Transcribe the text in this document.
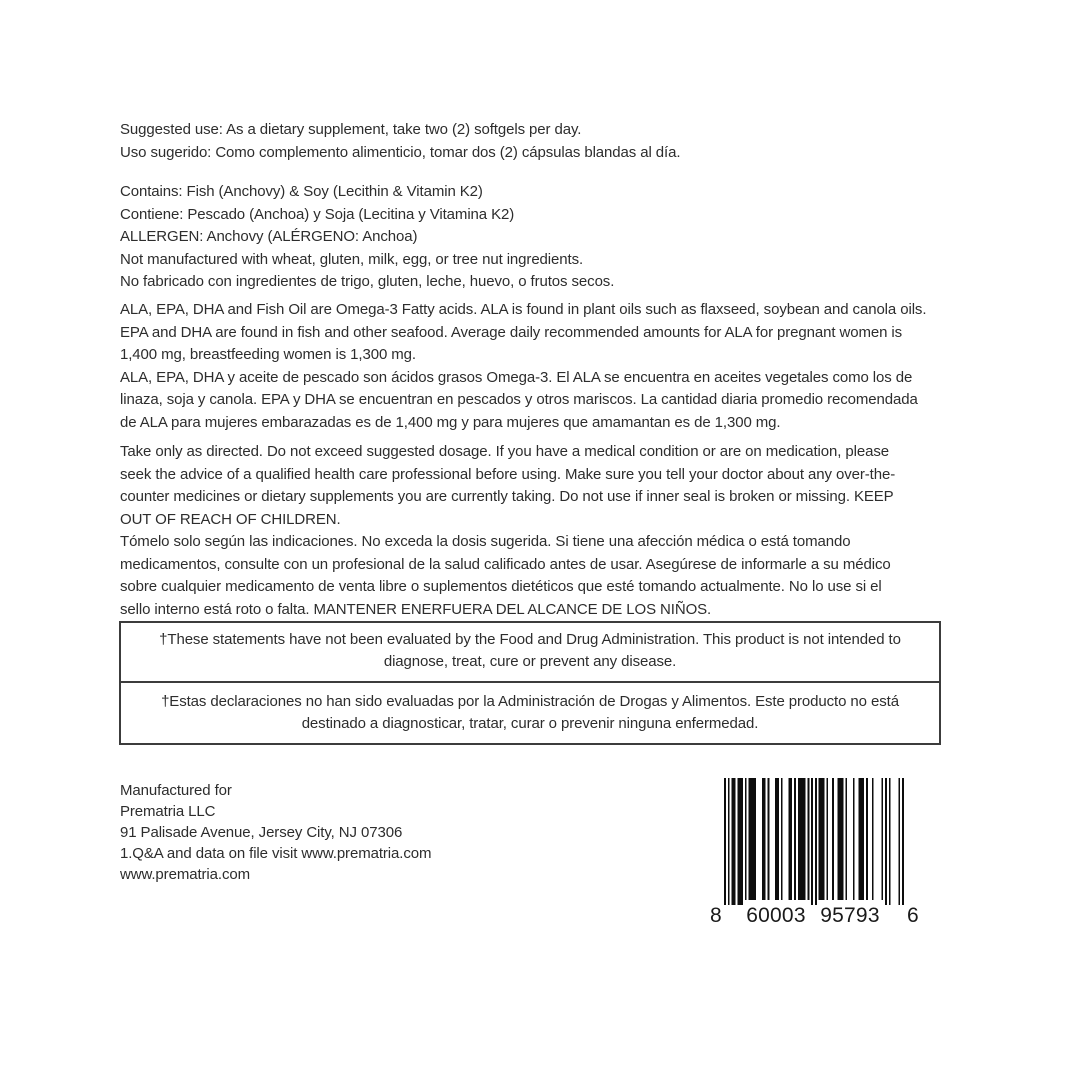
Suggested use: As a dietary supplement, take two (2) softgels per day.
Uso sugerido: Como complemento alimenticio, tomar dos (2) cápsulas blandas al día.
Contains: Fish (Anchovy) & Soy (Lecithin & Vitamin K2)
Contiene: Pescado (Anchoa) y Soja (Lecitina y Vitamina K2)
ALLERGEN: Anchovy (ALÉRGENO: Anchoa)
Not manufactured with wheat, gluten, milk, egg, or tree nut ingredients.
No fabricado con ingredientes de trigo, gluten, leche, huevo, o frutos secos.
ALA, EPA, DHA and Fish Oil are Omega-3 Fatty acids. ALA is found in plant oils such as flaxseed, soybean and canola oils.
EPA and DHA are found in fish and other seafood. Average daily recommended amounts for ALA for pregnant women is
1,400 mg, breastfeeding women is 1,300 mg.
ALA, EPA, DHA y aceite de pescado son ácidos grasos Omega-3. El ALA se encuentra en aceites vegetales como los de
linaza, soja y canola. EPA y DHA se encuentran en pescados y otros mariscos. La cantidad diaria promedio recomendada
de ALA para mujeres embarazadas es de 1,400 mg y para mujeres que amamantan es de 1,300 mg.
Take only as directed. Do not exceed suggested dosage. If you have a medical condition or are on medication, please
seek the advice of a qualified health care professional before using. Make sure you tell your doctor about any over-the-
counter medicines or dietary supplements you are currently taking. Do not use if inner seal is broken or missing. KEEP
OUT OF REACH OF CHILDREN.
Tómelo solo según las indicaciones. No exceda la dosis sugerida. Si tiene una afección médica o está tomando
medicamentos, consulte con un profesional de la salud calificado antes de usar. Asegúrese de informarle a su médico
sobre cualquier medicamento de venta libre o suplementos dietéticos que esté tomando actualmente. No lo use si el
sello interno está roto o falta. MANTENER ENERFUERA DEL ALCANCE DE LOS NIÑOS.
†These statements have not been evaluated by the Food and Drug Administration. This product is not intended to
diagnose, treat, cure or prevent any disease.
†Estas declaraciones no han sido evaluadas por la Administración de Drogas y Alimentos. Este producto no está
destinado a diagnosticar, tratar, curar o prevenir ninguna enfermedad.
Manufactured for
Prematria LLC
91 Palisade Avenue, Jersey City, NJ 07306
1.Q&A and data on file visit www.prematria.com
www.prematria.com
8 60003 95793 6
